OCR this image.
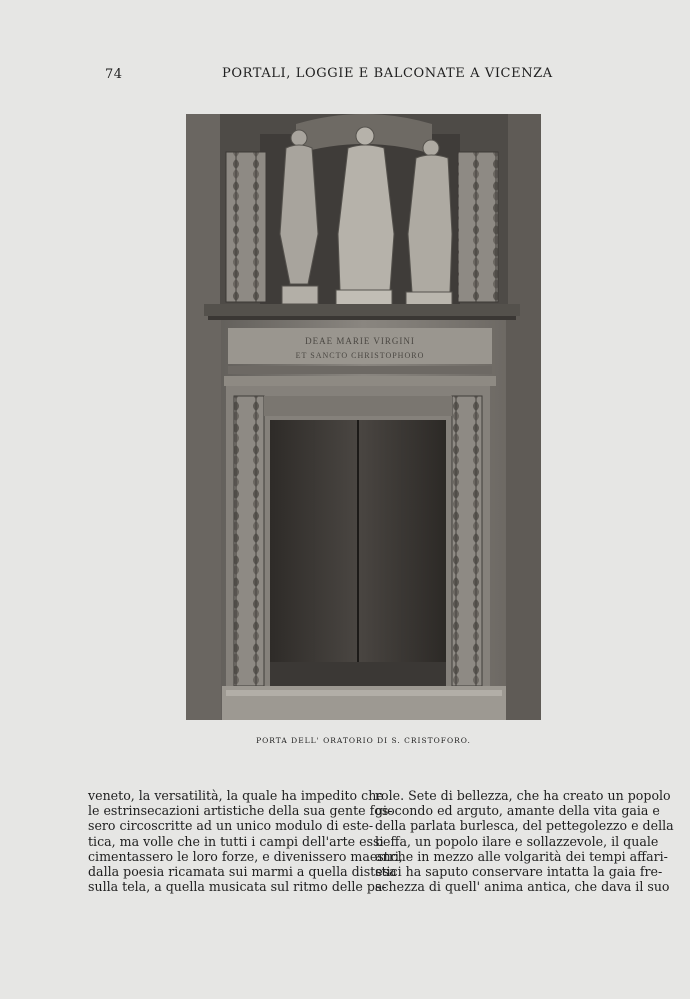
74	PORTALI, LOGGIE E BALCONATE A VICENZA
DEAE MARIE VIRGINI
ET SANCTO CHRISTOPHORO
PORTA DELL' ORATORIO DI S. CRISTOFORO.
veneto, la versatilità, la quale ha impedito che
le estrinsecazioni artistiche della sua gente fos-
sero circoscritte ad un unico modulo di este-
tica, ma volle che in tutti i campi dell'arte essi
cimentassero le loro forze, e divenissero maestri,
dalla poesia ricamata sui marmi a quella distesa
sulla tela, a quella musicata sul ritmo delle pa-
role. Sete di bellezza, che ha creato un popolo
giocondo ed arguto, amante della vita gaia e
della parlata burlesca, del pettegolezzo e della
beffa, un popolo ilare e sollazzevole, il quale
anche in mezzo alle volgarità dei tempi affari-
stici ha saputo conservare intatta la gaia fre-
schezza di quell' anima antica, che dava il suo
